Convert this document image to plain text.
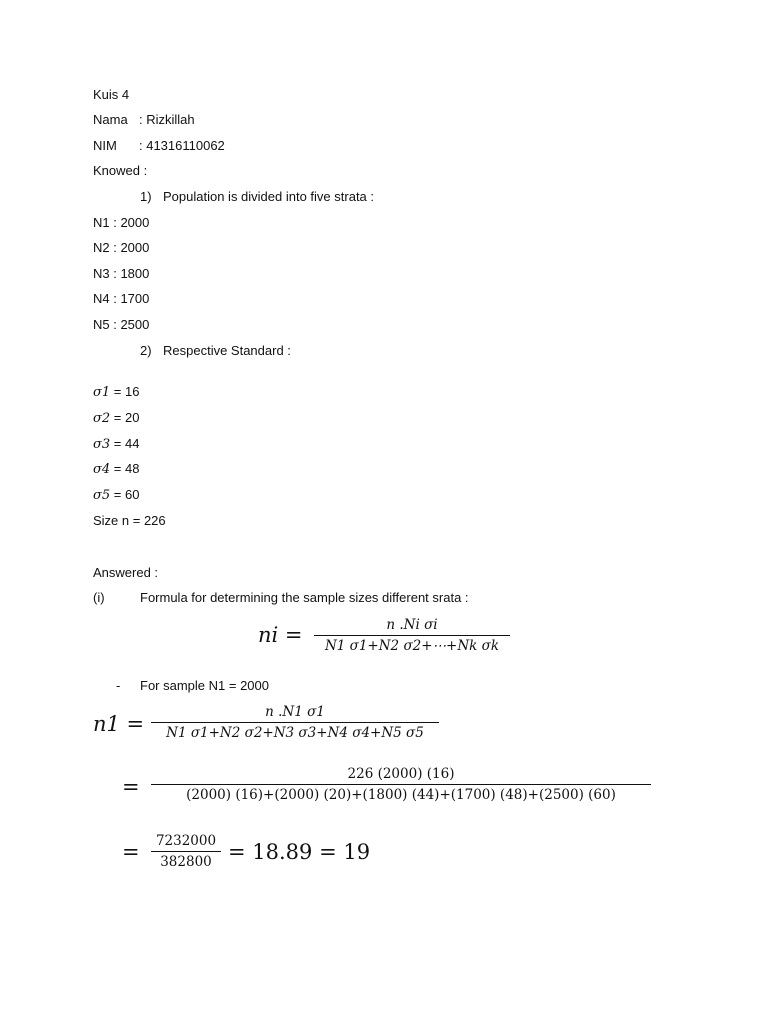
Kuis 4
Nama : Rizkillah
NIM : 41316110062
Knowed :
1) Population is divided into five strata :
N1 : 2000
N2 : 2000
N3 : 1800
N4 : 1700
N5 : 2500
2) Respective Standard :
σ1 = 16
σ2 = 20
σ3 = 44
σ4 = 48
σ5 = 60
Size n = 226
Answered :
(i)	Formula for determining the sample sizes different srata :
ni =	n .Ni σi
N1 σ1+N2 σ2+⋯+Nk σk
- For sample N1 = 2000
n1 =	n .N1 σ1
N1 σ1+N2 σ2+N3 σ3+N4 σ4+N5 σ5
=
226 (2000) (16)
(2000) (16)+(2000) (20)+(1800) (44)+(1700) (48)+(2500) (60)
=	7232000
382800 = 18.89 = 19
